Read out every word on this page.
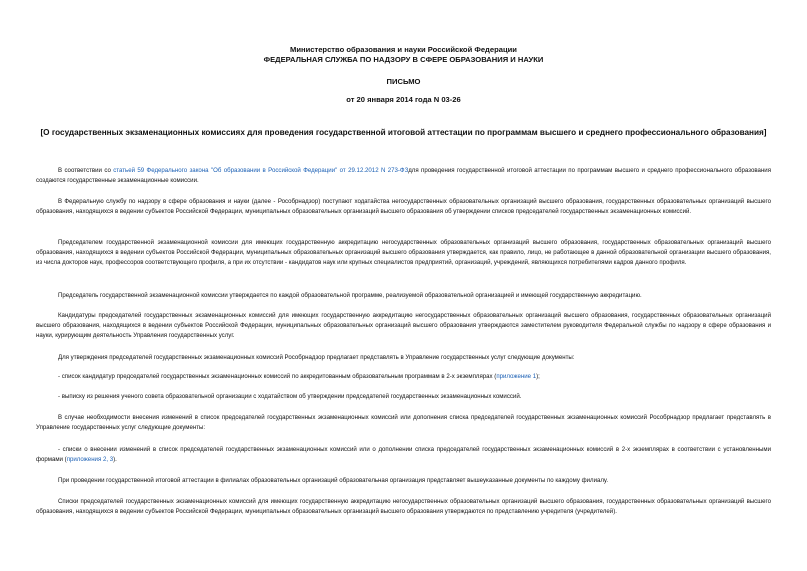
Министерство образования и науки Российской Федерации
ФЕДЕРАЛЬНАЯ СЛУЖБА ПО НАДЗОРУ В СФЕРЕ ОБРАЗОВАНИЯ И НАУКИ
ПИСЬМО
от 20 января 2014 года N 03-26
[О государственных экзаменационных комиссиях для проведения государственной итоговой аттестации по программам высшего и среднего профессионального образования]
В соответствии со статьей 59 Федерального закона "Об образовании в Российской Федерации" от 29.12.2012 N 273-ФЗдля проведения государственной итоговой аттестации по программам высшего и среднего профессионального образования создаются государственные экзаменационные комиссии.
В Федеральную службу по надзору в сфере образования и науки (далее - Рособрнадзор) поступают ходатайства негосударственных образовательных организаций высшего образования, государственных образовательных организаций высшего образования, находящихся в ведении субъектов Российской Федерации, муниципальных образовательных организаций высшего образования об утверждении списков председателей государственных экзаменационных комиссий.
Председателем государственной экзаменационной комиссии для имеющих государственную аккредитацию негосударственных образовательных организаций высшего образования, государственных образовательных организаций высшего образования, находящихся в ведении субъектов Российской Федерации, муниципальных образовательных организаций высшего образования утверждается, как правило, лицо, не работающее в данной образовательной организации высшего образования, из числа докторов наук, профессоров соответствующего профиля, а при их отсутствии - кандидатов наук или крупных специалистов предприятий, организаций, учреждений, являющихся потребителями кадров данного профиля.
Председатель государственной экзаменационной комиссии утверждается по каждой образовательной программе, реализуемой образовательной организацией и имеющей государственную аккредитацию.
Кандидатуры председателей государственных экзаменационных комиссий для имеющих государственную аккредитацию негосударственных образовательных организаций высшего образования, государственных образовательных организаций высшего образования, находящихся в ведении субъектов Российской Федерации, муниципальных образовательных организаций высшего образования утверждаются заместителем руководителя Федеральной службы по надзору в сфере образования и науки, курирующим деятельность Управления государственных услуг.
Для утверждения председателей государственных экзаменационных комиссий Рособрнадзор предлагает представлять в Управление государственных услуг следующие документы:
- список кандидатур председателей государственных экзаменационных комиссий по аккредитованным образовательным программам в 2-х экземплярах (приложение 1);
- выписку из решения ученого совета образовательной организации с ходатайством об утверждении председателей государственных экзаменационных комиссий.
В случае необходимости внесения изменений в список председателей государственных экзаменационных комиссий или дополнения списка председателей государственных экзаменационных комиссий Рособрнадзор предлагает представлять в Управление государственных услуг следующие документы:
- списки о внесении изменений в список председателей государственных экзаменационных комиссий или о дополнении списка председателей государственных экзаменационных комиссий в 2-х экземплярах в соответствии с установленными формами (приложения 2, 3).
При проведении государственной итоговой аттестации в филиалах образовательных организаций образовательная организация представляет вышеуказанные документы по каждому филиалу.
Списки председателей государственных экзаменационных комиссий для имеющих государственную аккредитацию негосударственных образовательных организаций высшего образования, государственных образовательных организаций высшего образования, находящихся в ведении субъектов Российской Федерации, муниципальных образовательных организаций высшего образования утверждаются по представлению учредителя (учредителей).
